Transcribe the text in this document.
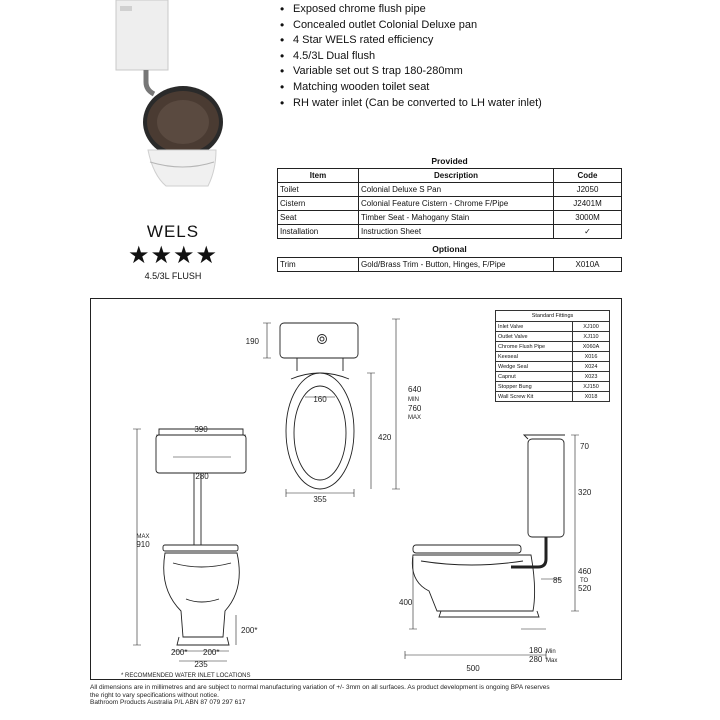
• Exposed chrome flush pipe
• Concealed outlet Colonial Deluxe pan
• 4 Star WELS rated efficiency
• 4.5/3L Dual flush
• Variable set out S trap 180-280mm
• Matching wooden toilet seat
• RH water inlet (Can be converted to LH water inlet)
WELS
★★★★
4.5/3L FLUSH
Provided
Item	Description	Code
Toilet	Colonial Deluxe S Pan	J2050
Cistern	Colonial Feature Cistern - Chrome F/Pipe	J2401M
Seat	Timber Seat - Mahogany Stain	3000M
Installation	Instruction Sheet	✓
Optional
Trim	Gold/Brass Trim - Button, Hinges, F/Pipe	X010A
190
640
MIN
760
MAX
160
420
355
390
280
MAX
910
200*
200* 200*
235
70
320
460
TO
520
85
400
180 Min
280 Max
500
* RECOMMENDED WATER INLET LOCATIONS
Standard Fittings
Inlet Valve	XJ100
Outlet Valve	XJ110
Chrome Flush Pipe	X060A
Keeseal	X016
Wedge Seal	X024
Capnut	X023
Stopper Bung	XJ150
Wall Screw Kit	X018
All dimensions are in millimetres and are subject to normal manufacturing variation of +/- 3mm on all surfaces. As product development is ongoing BPA reserves
the right to vary specifications without notice.
Bathroom Products Australia P/L ABN 87 079 297 617
